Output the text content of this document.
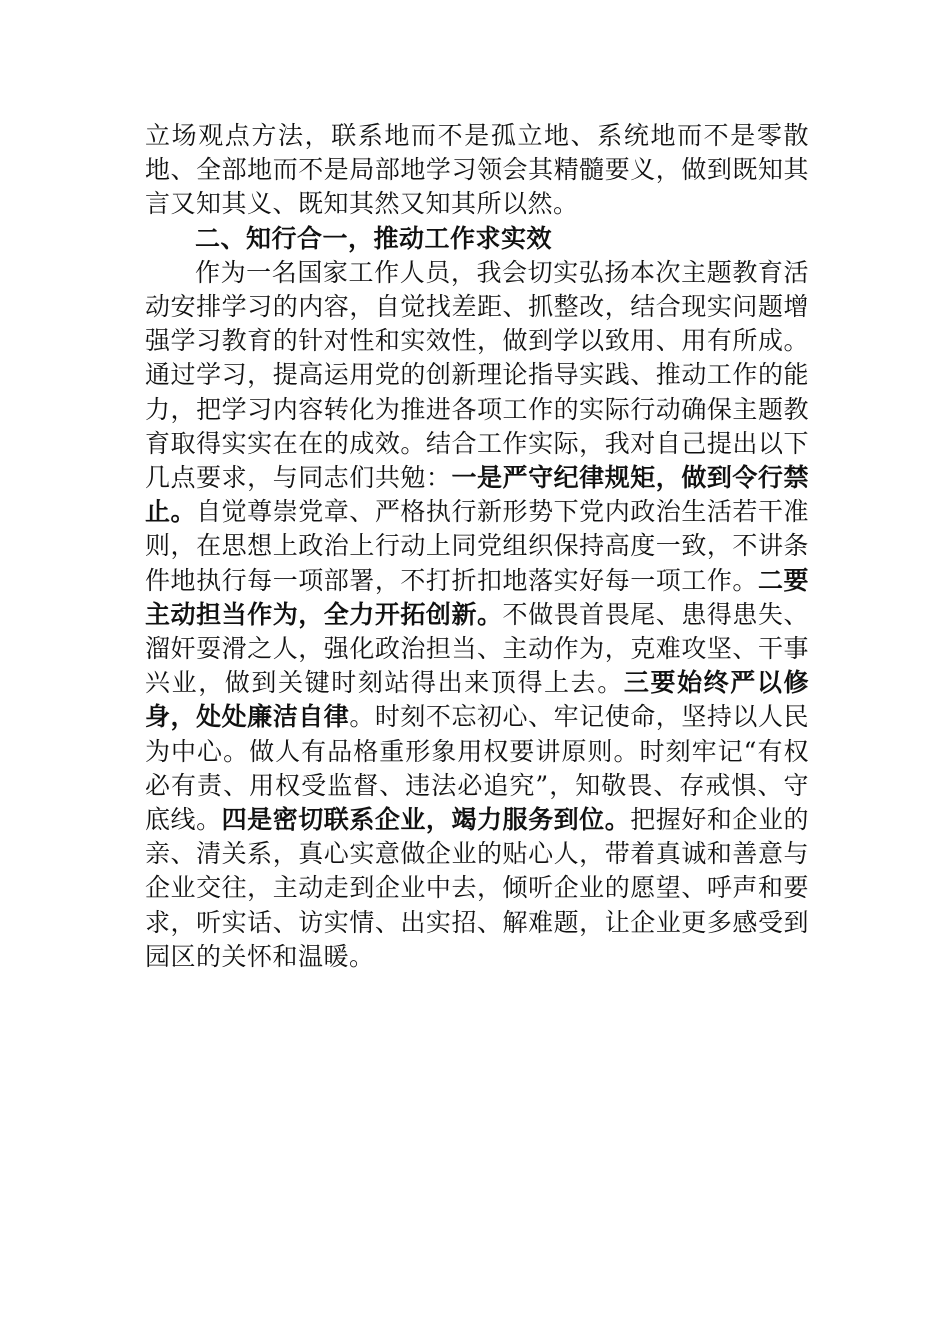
立场观点方法，联系地而不是孤立地、系统地而不是零散地、全部地而不是局部地学习领会其精髓要义，做到既知其言又知其义、既知其然又知其所以然。

二、知行合一，推动工作求实效

作为一名国家工作人员，我会切实弘扬本次主题教育活动安排学习的内容，自觉找差距、抓整改，结合现实问题增强学习教育的针对性和实效性，做到学以致用、用有所成。通过学习，提高运用党的创新理论指导实践、推动工作的能力，把学习内容转化为推进各项工作的实际行动确保主题教育取得实实在在的成效。结合工作实际，我对自己提出以下几点要求，与同志们共勉：一是严守纪律规矩，做到令行禁止。自觉尊崇党章、严格执行新形势下党内政治生活若干准则，在思想上政治上行动上同党组织保持高度一致，不讲条件地执行每一项部署，不打折扣地落实好每一项工作。二要主动担当作为，全力开拓创新。不做畏首畏尾、患得患失、溜奸耍滑之人，强化政治担当、主动作为，克难攻坚、干事兴业，做到关键时刻站得出来顶得上去。三要始终严以修身，处处廉洁自律。时刻不忘初心、牢记使命，坚持以人民为中心。做人有品格重形象用权要讲原则。时刻牢记“有权必有责、用权受监督、违法必追究”，知敬畏、存戒惧、守底线。四是密切联系企业，竭力服务到位。把握好和企业的亲、清关系，真心实意做企业的贴心人，带着真诚和善意与企业交往，主动走到企业中去，倾听企业的愿望、呼声和要求，听实话、访实情、出实招、解难题，让企业更多感受到园区的关怀和温暖。
